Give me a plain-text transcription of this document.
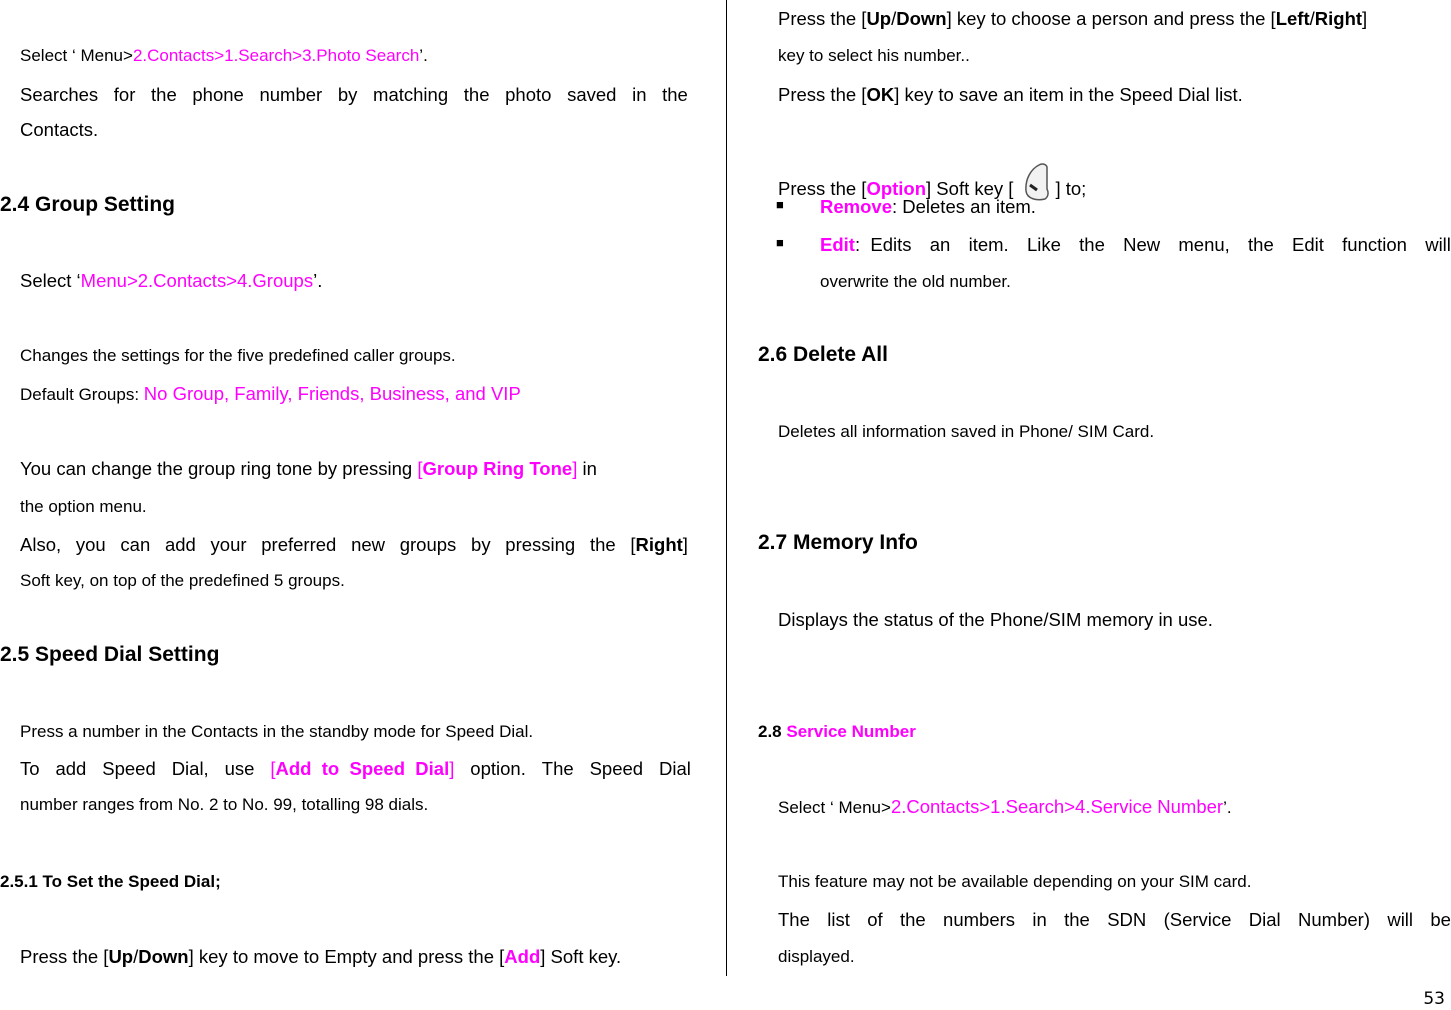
Select ‘ Menu>2.Contacts>1.Search>3.Photo Search’.
Searches for the phone number by matching the photo saved in the
Contacts.
2.4 Group Setting
Select ‘Menu>2.Contacts>4.Groups’.
Changes the settings for the five predefined caller groups.
Default Groups: No Group, Family, Friends, Business, and VIP
You can change the group ring tone by pressing [Group Ring Tone] in
the option menu.
Also, you can add your preferred new groups by pressing the [Right]
Soft key, on top of the predefined 5 groups.
2.5 Speed Dial Setting
Press a number in the Contacts in the standby mode for Speed Dial.
To add Speed Dial, use [Add  to  Speed  Dial] option. The Speed Dial
number ranges from No. 2 to No. 99, totalling 98 dials.
2.5.1 To Set the Speed Dial;
Press the [Up/Down] key to move to Empty and press the [Add] Soft key.
Press the [Up/Down] key to choose a person and press the [Left/Right]
key to select his number..
Press the [OK] key to save an item in the Speed Dial list.
Press the [Option] Soft key [ ] to;
■ Remove: Deletes an item.
■ Edit :  Edits an item. Like the New menu, the Edit function will
overwrite the old number.
2.6 Delete All
Deletes all information saved in Phone/ SIM Card.
2.7 Memory Info
Displays the status of the Phone/SIM memory in use.
2.8 Service Number
Select ‘ Menu>2.Contacts>1.Search>4.Service Number’.
This feature may not be available depending on your SIM card.
The list of the numbers in the SDN (Service Dial Number) will be
displayed.
53
